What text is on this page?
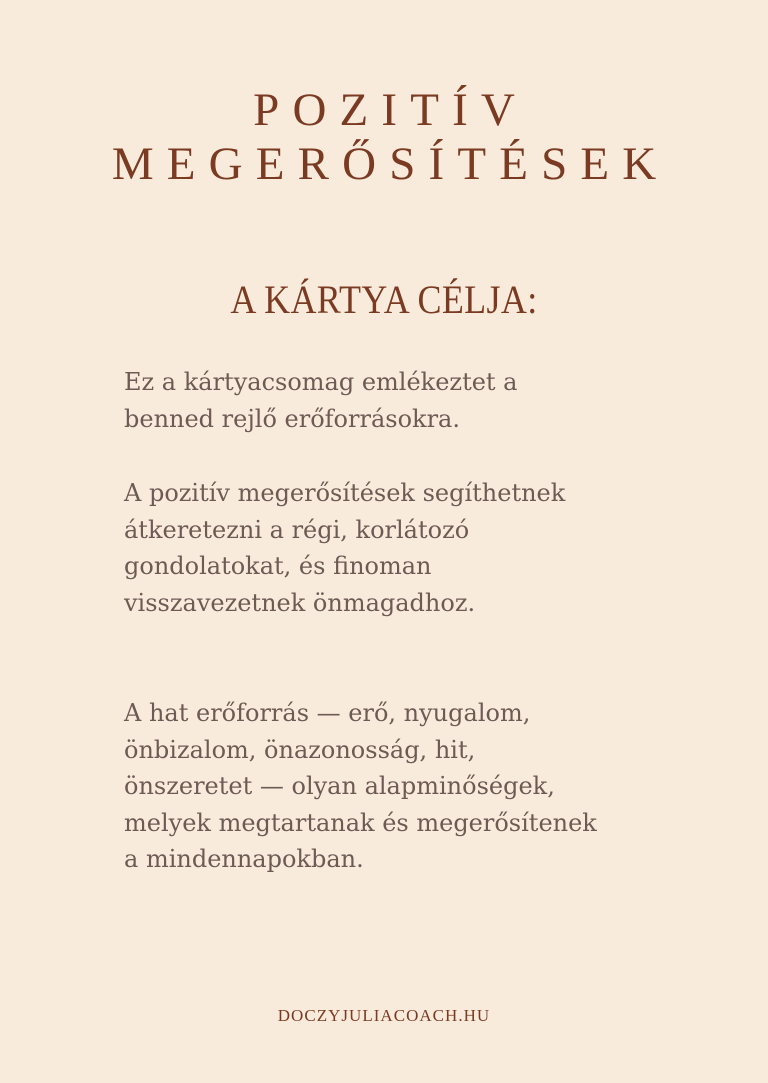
POZITÍV
MEGERŐSÍTÉSEK
A KÁRTYA CÉLJA:

Ez a kártyacsomag emlékeztet a
benned rejlő erőforrásokra.

A pozitív megerősítések segíthetnek
átkeretezni a régi, korlátozó
gondolatokat, és finoman
visszavezetnek önmagadhoz.

A hat erőforrás — erő, nyugalom,
önbizalom, önazonosság, hit,
önszeretet — olyan alapminőségek,
melyek megtartanak és megerősítenek
a mindennapokban.

DOCZYJULIACOACH.HU
